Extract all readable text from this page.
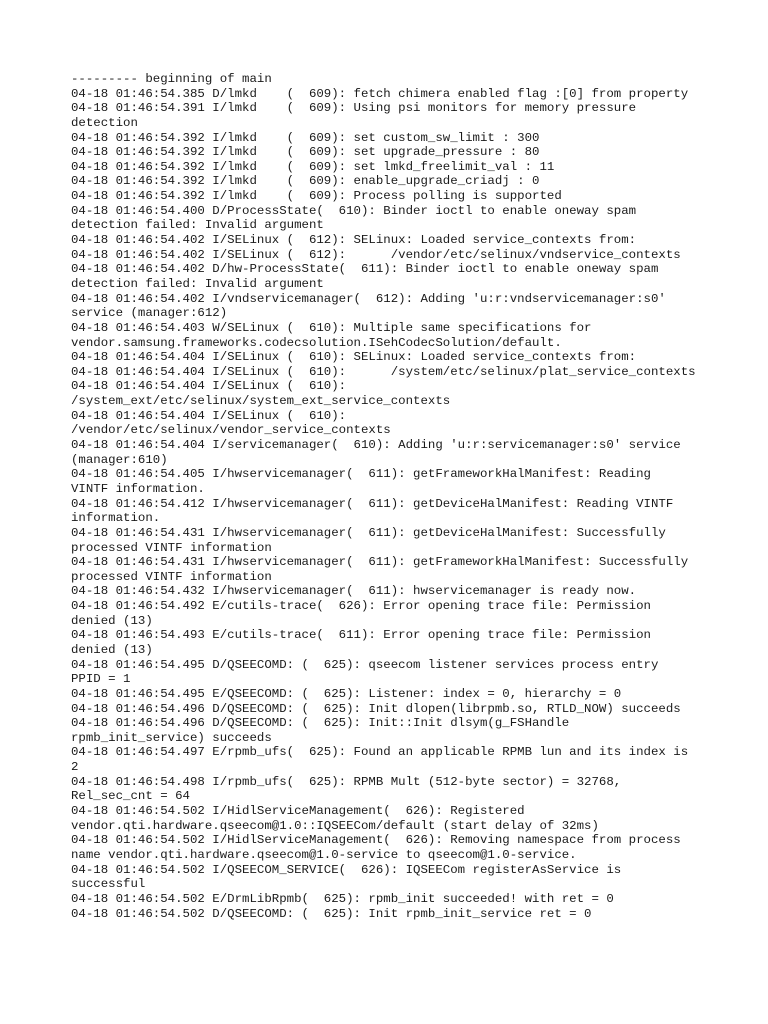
--------- beginning of main
04-18 01:46:54.385 D/lmkd    (  609): fetch chimera enabled flag :[0] from property
04-18 01:46:54.391 I/lmkd    (  609): Using psi monitors for memory pressure
detection
04-18 01:46:54.392 I/lmkd    (  609): set custom_sw_limit : 300
04-18 01:46:54.392 I/lmkd    (  609): set upgrade_pressure : 80
04-18 01:46:54.392 I/lmkd    (  609): set lmkd_freelimit_val : 11
04-18 01:46:54.392 I/lmkd    (  609): enable_upgrade_criadj : 0
04-18 01:46:54.392 I/lmkd    (  609): Process polling is supported
04-18 01:46:54.400 D/ProcessState(  610): Binder ioctl to enable oneway spam
detection failed: Invalid argument
04-18 01:46:54.402 I/SELinux (  612): SELinux: Loaded service_contexts from:
04-18 01:46:54.402 I/SELinux (  612):      /vendor/etc/selinux/vndservice_contexts
04-18 01:46:54.402 D/hw-ProcessState(  611): Binder ioctl to enable oneway spam
detection failed: Invalid argument
04-18 01:46:54.402 I/vndservicemanager(  612): Adding 'u:r:vndservicemanager:s0'
service (manager:612)
04-18 01:46:54.403 W/SELinux (  610): Multiple same specifications for
vendor.samsung.frameworks.codecsolution.ISehCodecSolution/default.
04-18 01:46:54.404 I/SELinux (  610): SELinux: Loaded service_contexts from:
04-18 01:46:54.404 I/SELinux (  610):      /system/etc/selinux/plat_service_contexts
04-18 01:46:54.404 I/SELinux (  610):
/system_ext/etc/selinux/system_ext_service_contexts
04-18 01:46:54.404 I/SELinux (  610):
/vendor/etc/selinux/vendor_service_contexts
04-18 01:46:54.404 I/servicemanager(  610): Adding 'u:r:servicemanager:s0' service
(manager:610)
04-18 01:46:54.405 I/hwservicemanager(  611): getFrameworkHalManifest: Reading
VINTF information.
04-18 01:46:54.412 I/hwservicemanager(  611): getDeviceHalManifest: Reading VINTF
information.
04-18 01:46:54.431 I/hwservicemanager(  611): getDeviceHalManifest: Successfully
processed VINTF information
04-18 01:46:54.431 I/hwservicemanager(  611): getFrameworkHalManifest: Successfully
processed VINTF information
04-18 01:46:54.432 I/hwservicemanager(  611): hwservicemanager is ready now.
04-18 01:46:54.492 E/cutils-trace(  626): Error opening trace file: Permission
denied (13)
04-18 01:46:54.493 E/cutils-trace(  611): Error opening trace file: Permission
denied (13)
04-18 01:46:54.495 D/QSEECOMD: (  625): qseecom listener services process entry
PPID = 1
04-18 01:46:54.495 E/QSEECOMD: (  625): Listener: index = 0, hierarchy = 0
04-18 01:46:54.496 D/QSEECOMD: (  625): Init dlopen(librpmb.so, RTLD_NOW) succeeds
04-18 01:46:54.496 D/QSEECOMD: (  625): Init::Init dlsym(g_FSHandle
rpmb_init_service) succeeds
04-18 01:46:54.497 E/rpmb_ufs(  625): Found an applicable RPMB lun and its index is
2
04-18 01:46:54.498 I/rpmb_ufs(  625): RPMB Mult (512-byte sector) = 32768,
Rel_sec_cnt = 64
04-18 01:46:54.502 I/HidlServiceManagement(  626): Registered
vendor.qti.hardware.qseecom@1.0::IQSEECom/default (start delay of 32ms)
04-18 01:46:54.502 I/HidlServiceManagement(  626): Removing namespace from process
name vendor.qti.hardware.qseecom@1.0-service to qseecom@1.0-service.
04-18 01:46:54.502 I/QSEECOM_SERVICE(  626): IQSEECom registerAsService is
successful
04-18 01:46:54.502 E/DrmLibRpmb(  625): rpmb_init succeeded! with ret = 0
04-18 01:46:54.502 D/QSEECOMD: (  625): Init rpmb_init_service ret = 0
